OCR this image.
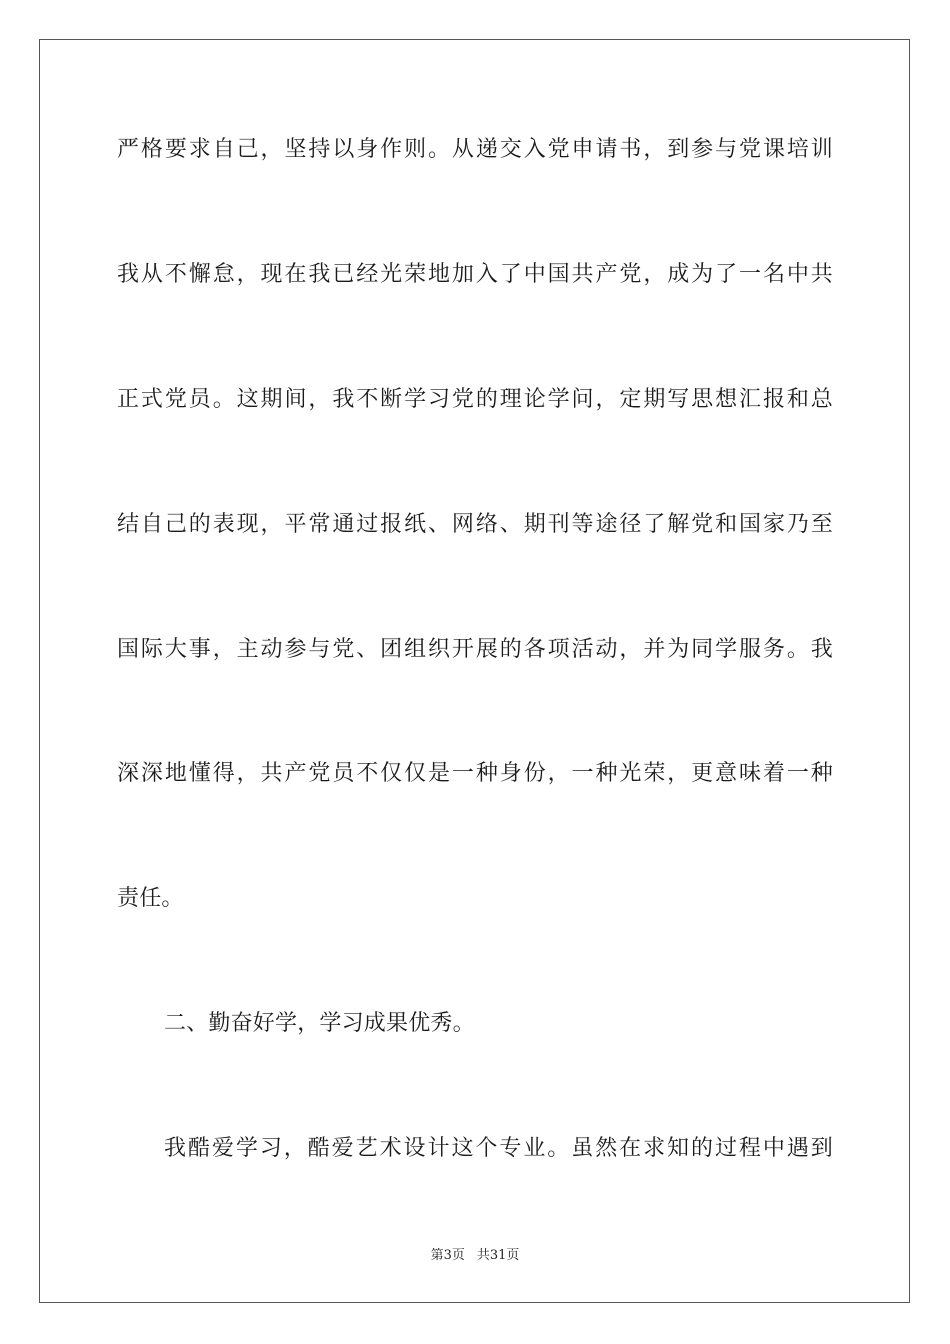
严格要求自己，坚持以身作则。从递交入党申请书，到参与党课培训
我从不懈怠，现在我已经光荣地加入了中国共产党，成为了一名中共
正式党员。这期间，我不断学习党的理论学问，定期写思想汇报和总
结自己的表现，平常通过报纸、网络、期刊等途径了解党和国家乃至
国际大事，主动参与党、团组织开展的各项活动，并为同学服务。我
深深地懂得，共产党员不仅仅是一种身份，一种光荣，更意味着一种
责任。
二、勤奋好学，学习成果优秀。
我酷爱学习，酷爱艺术设计这个专业。虽然在求知的过程中遇到
第3页 共31页
